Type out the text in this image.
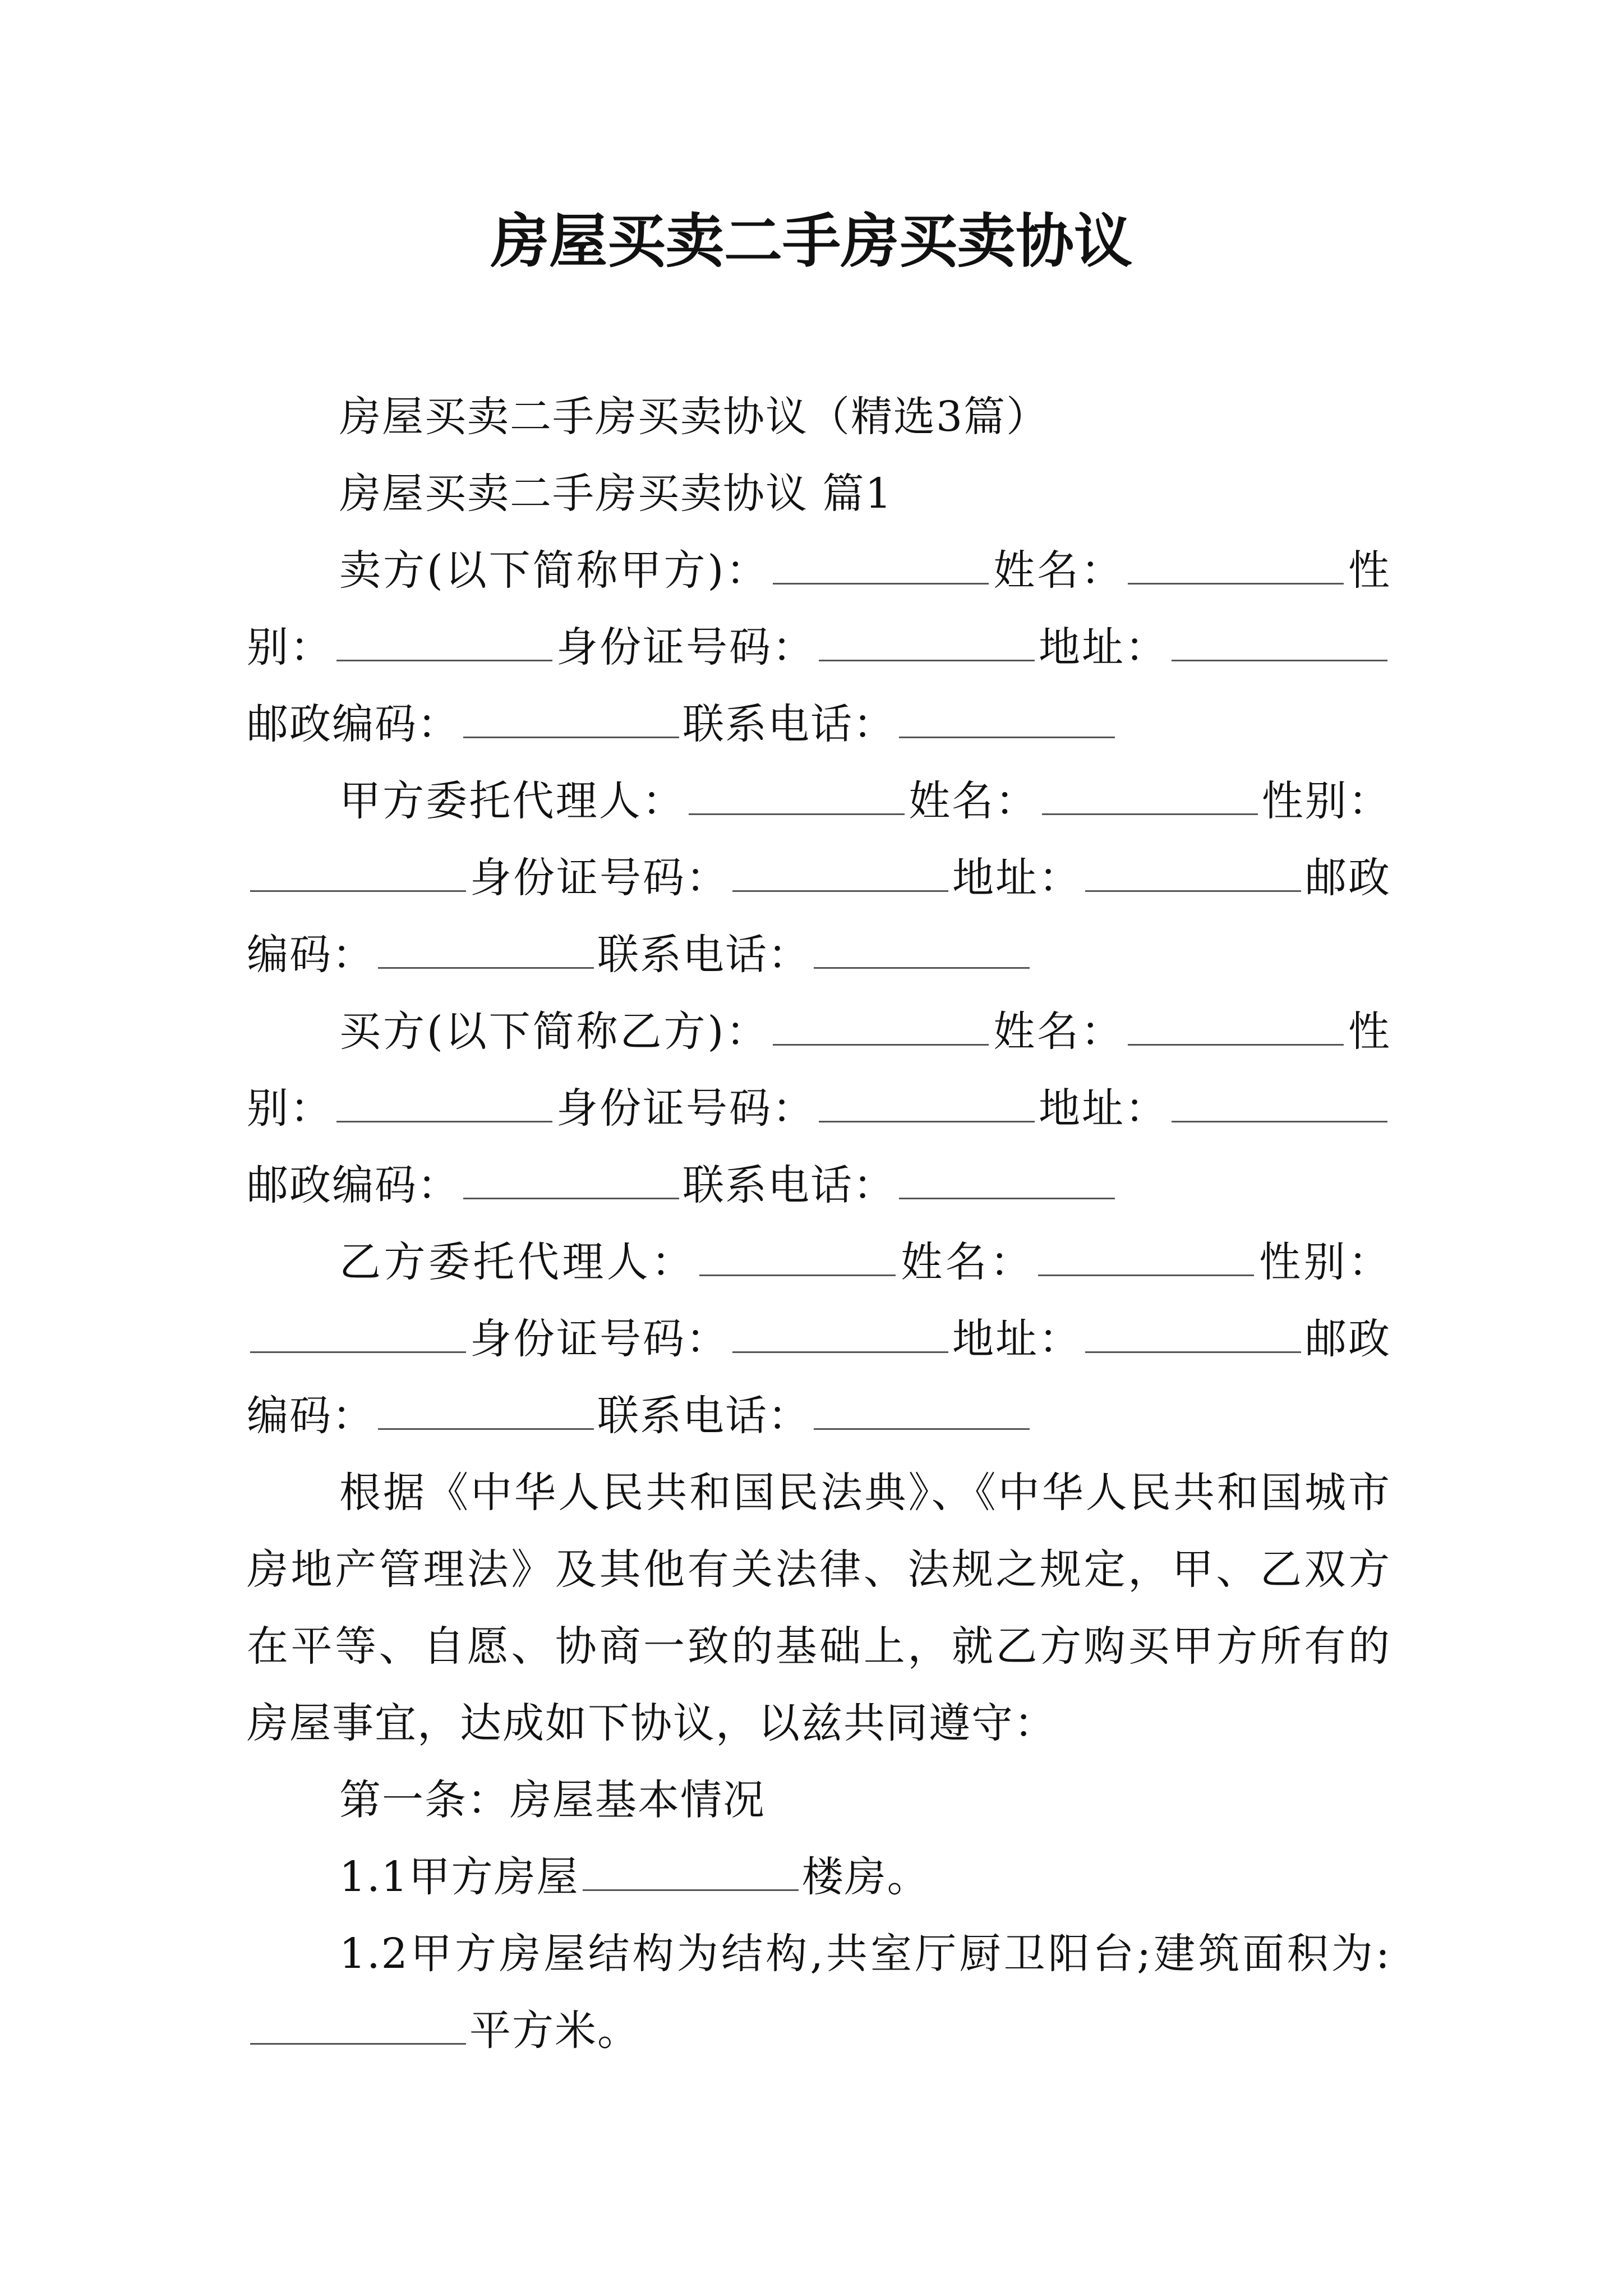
房屋买卖二手房买卖协议
房屋买卖二手房买卖协议（精选3篇）
房屋买卖二手房买卖协议 篇1
卖方(以下简称甲方)：	姓名：	性
别：	身份证号码：	地址：
邮政编码：	联系电话：
甲方委托代理人：	姓名：	性别：
身份证号码：	地址：	邮政
编码：	联系电话：
买方(以下简称乙方)：	姓名：	性
别：	身份证号码：	地址：
邮政编码：	联系电话：
乙方委托代理人：	姓名：	性别：
身份证号码：	地址：	邮政
编码：	联系电话：
根据《中华人民共和国民法典》、《中华人民共和国城市
房地产管理法》及其他有关法律、法规之规定，甲、乙双方
在平等、自愿、协商一致的基础上，就乙方购买甲方所有的
房屋事宜，达成如下协议，以兹共同遵守：
第一条：房屋基本情况
1.1甲方房屋	楼房。
1.2甲方房屋结构为结构,共室厅厨卫阳台;建筑面积为:
平方米。
